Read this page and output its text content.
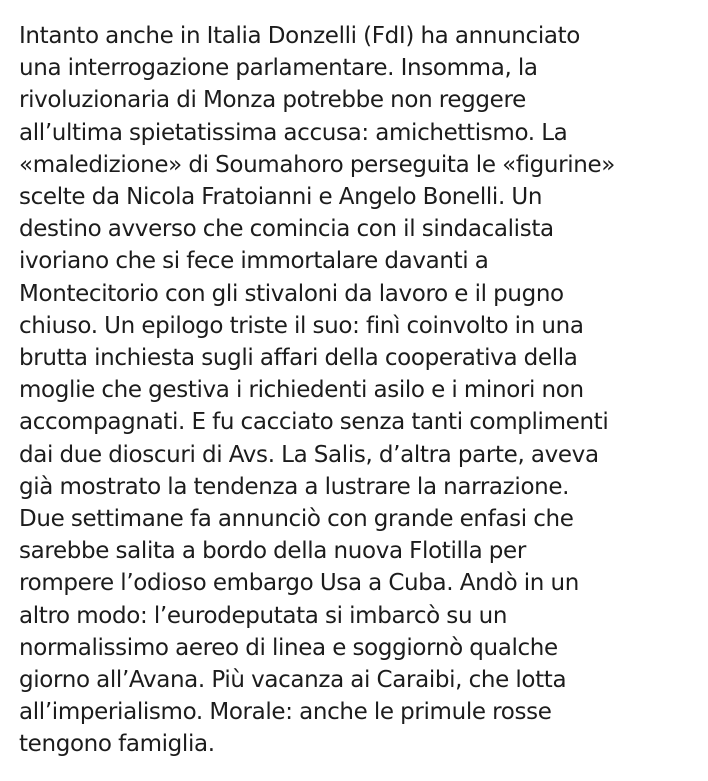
Intanto anche in Italia Donzelli (FdI) ha annunciato
una interrogazione parlamentare. Insomma, la
rivoluzionaria di Monza potrebbe non reggere
all’ultima spietatissima accusa: amichettismo. La
«maledizione» di Soumahoro perseguita le «figurine»
scelte da Nicola Fratoianni e Angelo Bonelli. Un
destino avverso che comincia con il sindacalista
ivoriano che si fece immortalare davanti a
Montecitorio con gli stivaloni da lavoro e il pugno
chiuso. Un epilogo triste il suo: finì coinvolto in una
brutta inchiesta sugli affari della cooperativa della
moglie che gestiva i richiedenti asilo e i minori non
accompagnati. E fu cacciato senza tanti complimenti
dai due dioscuri di Avs. La Salis, d’altra parte, aveva
già mostrato la tendenza a lustrare la narrazione.
Due settimane fa annunciò con grande enfasi che
sarebbe salita a bordo della nuova Flotilla per
rompere l’odioso embargo Usa a Cuba. Andò in un
altro modo: l’eurodeputata si imbarcò su un
normalissimo aereo di linea e soggiornò qualche
giorno all’Avana. Più vacanza ai Caraibi, che lotta
all’imperialismo. Morale: anche le primule rosse
tengono famiglia.
